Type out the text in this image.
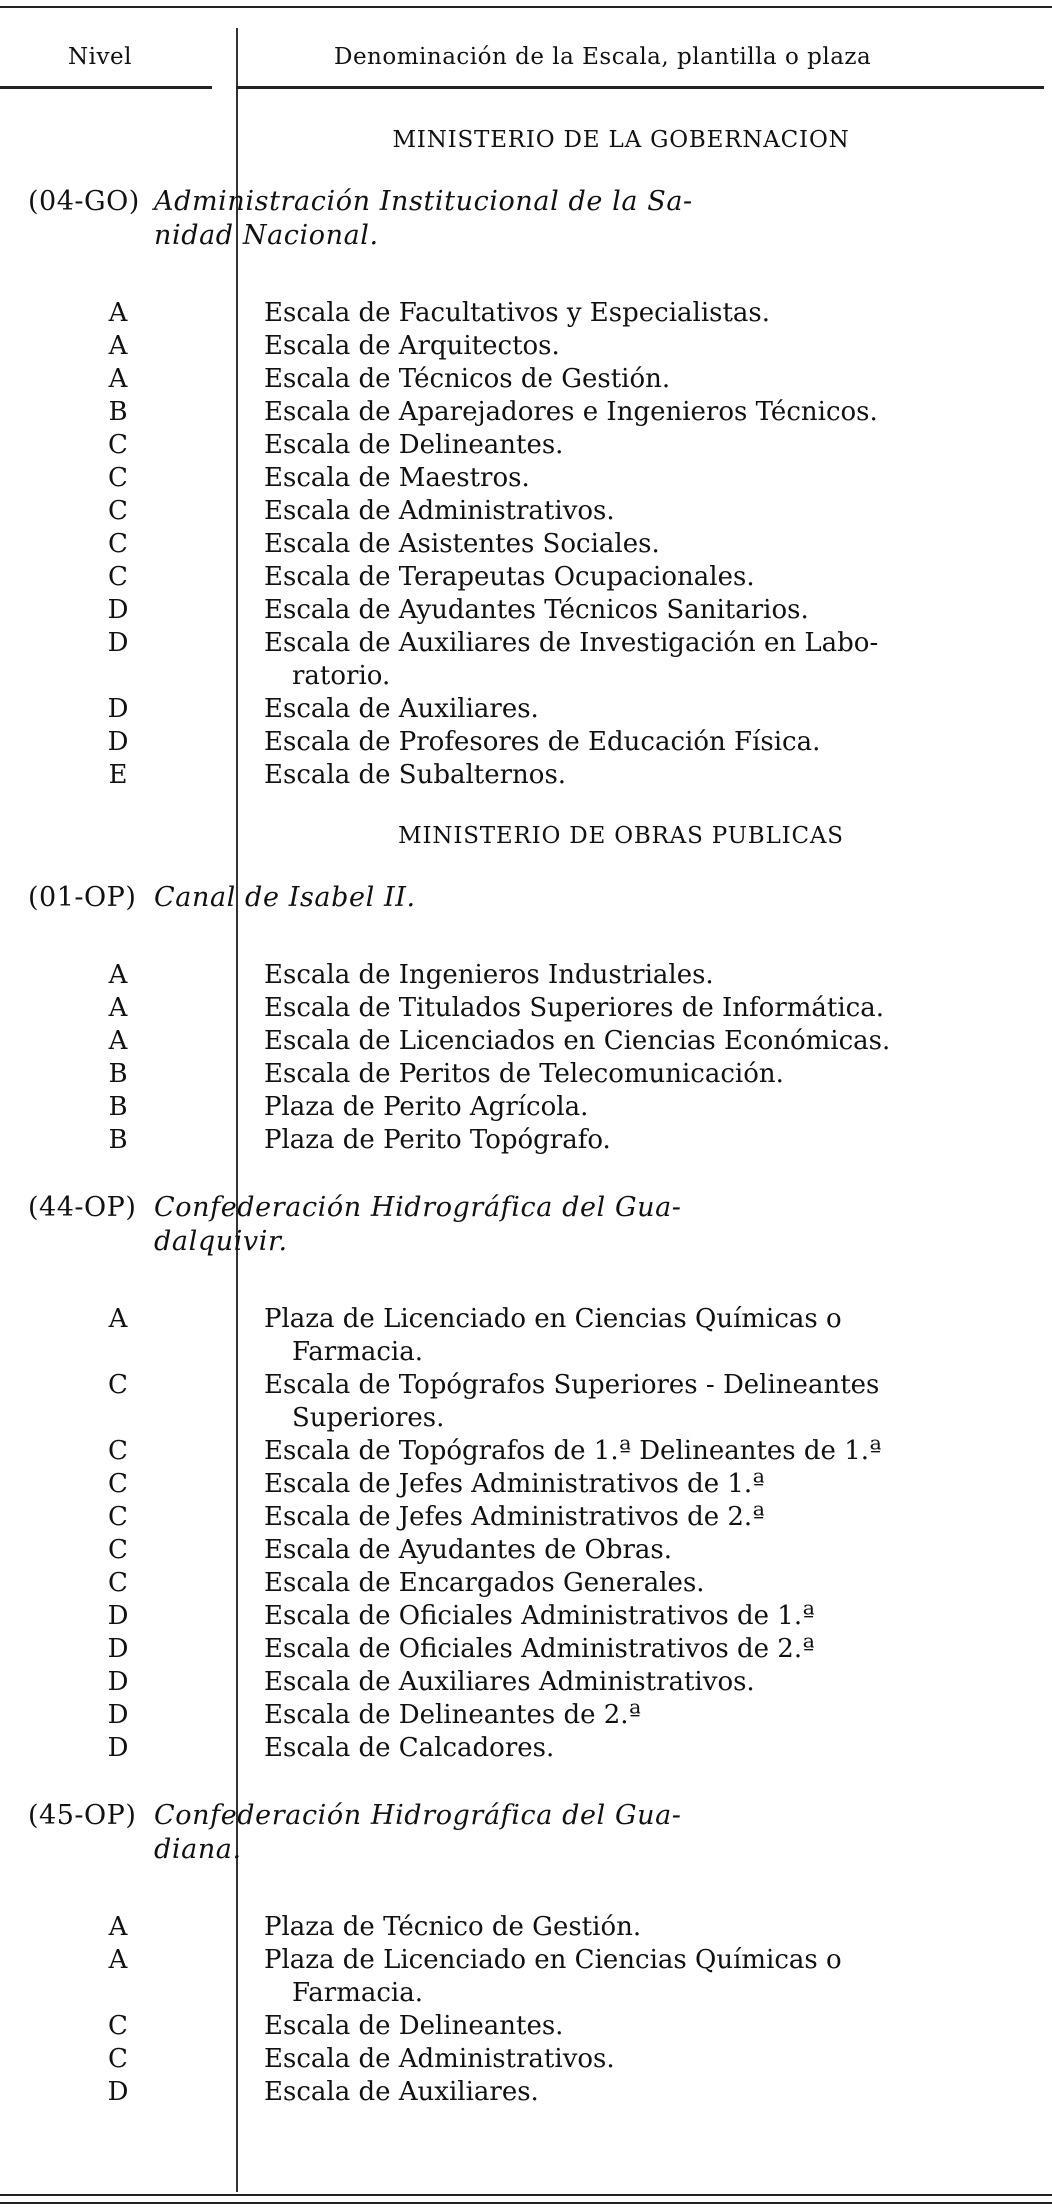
Nivel	Denominación de la Escala, plantilla o plaza
MINISTERIO DE LA GOBERNACION
(04-GO) Administración Institucional de la Sa-
nidad Nacional.
A	Escala de Facultativos y Especialistas.
A	Escala de Arquitectos.
A	Escala de Técnicos de Gestión.
B	Escala de Aparejadores e Ingenieros Técnicos.
C	Escala de Delineantes.
C	Escala de Maestros.
C	Escala de Administrativos.
C	Escala de Asistentes Sociales.
C	Escala de Terapeutas Ocupacionales.
D	Escala de Ayudantes Técnicos Sanitarios.
D	Escala de Auxiliares de Investigación en Labo-
ratorio.
D	Escala de Auxiliares.
D	Escala de Profesores de Educación Física.
E	Escala de Subalternos.
MINISTERIO DE OBRAS PUBLICAS
(01-OP) Canal de Isabel II.
A	Escala de Ingenieros Industriales.
A	Escala de Titulados Superiores de Informática.
A	Escala de Licenciados en Ciencias Económicas.
B	Escala de Peritos de Telecomunicación.
B	Plaza de Perito Agrícola.
B	Plaza de Perito Topógrafo.
(44-OP) Confederación Hidrográfica del Gua-
dalquivir.
A	Plaza de Licenciado en Ciencias Químicas o
Farmacia.
C	Escala de Topógrafos Superiores - Delineantes
Superiores.
C	Escala de Topógrafos de 1.ª Delineantes de 1.ª
C	Escala de Jefes Administrativos de 1.ª
C	Escala de Jefes Administrativos de 2.ª
C	Escala de Ayudantes de Obras.
C	Escala de Encargados Generales.
D	Escala de Oficiales Administrativos de 1.ª
D	Escala de Oficiales Administrativos de 2.ª
D	Escala de Auxiliares Administrativos.
D	Escala de Delineantes de 2.ª
D	Escala de Calcadores.
(45-OP) Confederación Hidrográfica del Gua-
diana.
A	Plaza de Técnico de Gestión.
A	Plaza de Licenciado en Ciencias Químicas o
Farmacia.
C	Escala de Delineantes.
C	Escala de Administrativos.
D	Escala de Auxiliares.
